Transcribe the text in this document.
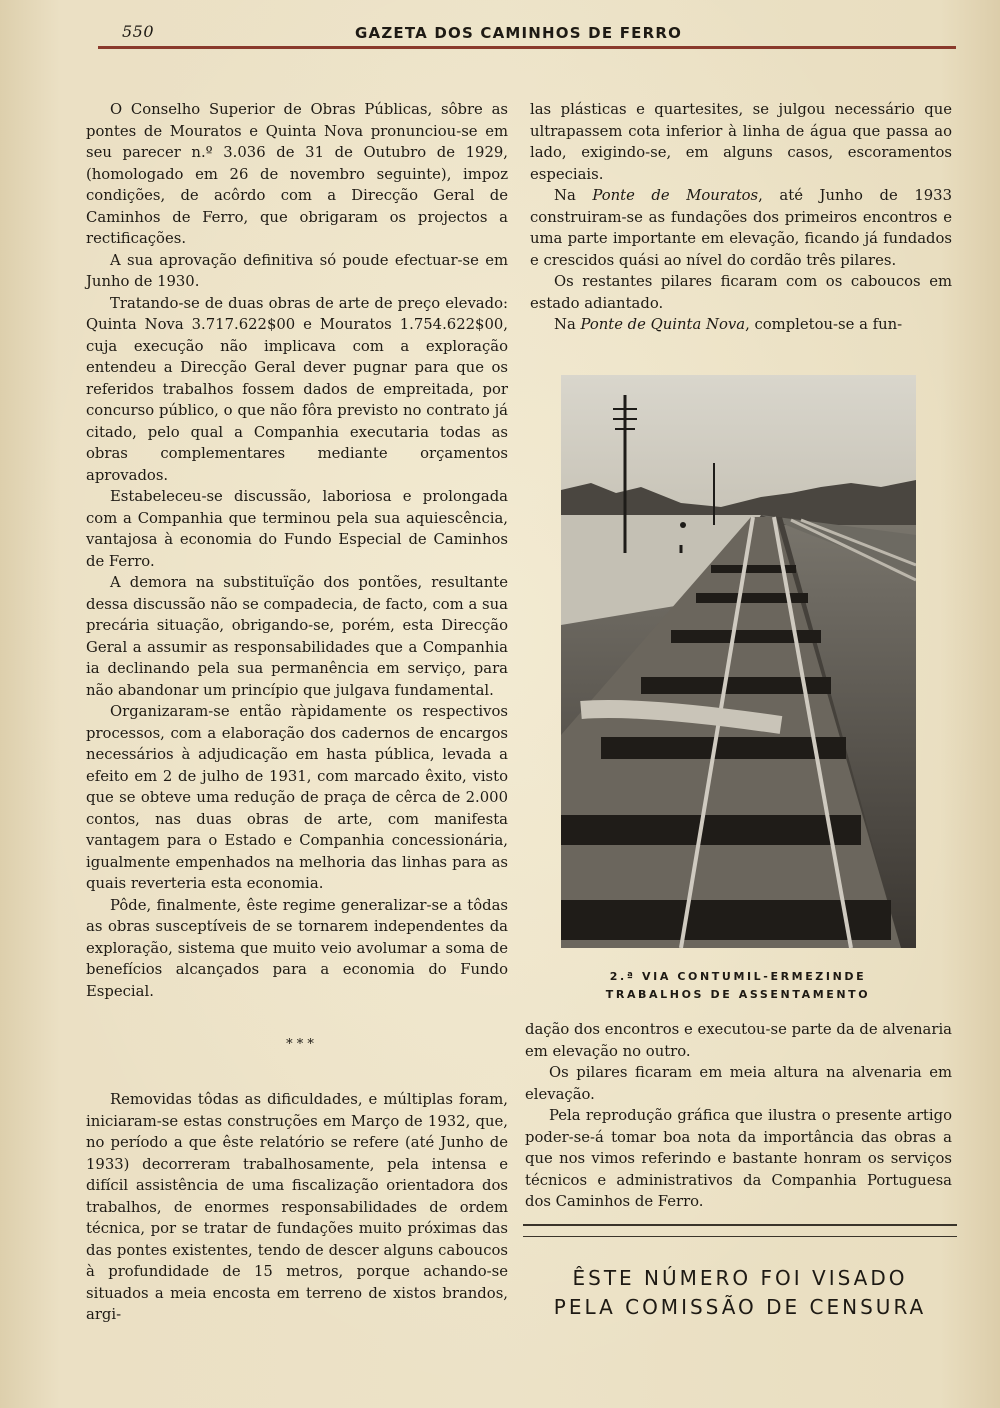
550	GAZETA DOS CAMINHOS DE FERRO

O Conselho Superior de Obras Públicas, sôbre as pontes de Mouratos e Quinta Nova pronunciou-se em seu parecer n.º 3.036 de 31 de Outubro de 1929, (homologado em 26 de novembro seguinte), impoz condições, de acôrdo com a Direcção Geral de Caminhos de Ferro, que obrigaram os projectos a rectificações.

A sua aprovação definitiva só poude efectuar-se em Junho de 1930.

Tratando-se de duas obras de arte de preço elevado: Quinta Nova 3.717.622$00 e Mouratos 1.754.622$00, cuja execução não implicava com a exploração entendeu a Direcção Geral dever pugnar para que os referidos trabalhos fossem dados de empreitada, por concurso público, o que não fôra previsto no contrato já citado, pelo qual a Companhia executaria todas as obras complementares mediante orçamentos aprovados.

Estabeleceu-se discussão, laboriosa e prolongada com a Companhia que terminou pela sua aquiescência, vantajosa à economia do Fundo Especial de Caminhos de Ferro.

A demora na substituïção dos pontões, resultante dessa discussão não se compadecia, de facto, com a sua precária situação, obrigando-se, porém, esta Direcção Geral a assumir as responsabilidades que a Companhia ia declinando pela sua permanência em serviço, para não abandonar um princípio que julgava fundamental.

Organizaram-se então ràpidamente os respectivos processos, com a elaboração dos cadernos de encargos necessários à adjudicação em hasta pública, levada a efeito em 2 de julho de 1931, com marcado êxito, visto que se obteve uma redução de praça de cêrca de 2.000 contos, nas duas obras de arte, com manifesta vantagem para o Estado e Companhia concessionária, igualmente empenhados na melhoria das linhas para as quais reverteria esta economia.

Pôde, finalmente, êste regime generalizar-se a tôdas as obras susceptíveis de se tornarem independentes da exploração, sistema que muito veio avolumar a soma de benefícios alcançados para a economia do Fundo Especial.

* * *

Removidas tôdas as dificuldades, e múltiplas foram, iniciaram-se estas construções em Março de 1932, que, no período a que êste relatório se refere (até Junho de 1933) decorreram trabalhosamente, pela intensa e difícil assistência de uma fiscalização orientadora dos trabalhos, de enormes responsabilidades de ordem técnica, por se tratar de fundações muito próximas das das pontes existentes, tendo de descer alguns caboucos à profundidade de 15 metros, porque achando-se situados a meia encosta em terreno de xistos brandos, argi-

las plásticas e quartesites, se julgou necessário que ultrapassem cota inferior à linha de água que passa ao lado, exigindo-se, em alguns casos, escoramentos especiais.

Na Ponte de Mouratos, até Junho de 1933 construiram-se as fundações dos primeiros encontros e uma parte importante em elevação, ficando já fundados e crescidos quási ao nível do cordão três pilares.

Os restantes pilares ficaram com os caboucos em estado adiantado.

Na Ponte de Quinta Nova, completou-se a fun-

2.ª VIA CONTUMIL-ERMEZINDE
TRABALHOS DE ASSENTAMENTO

dação dos encontros e executou-se parte da de alvenaria em elevação no outro.

Os pilares ficaram em meia altura na alvenaria em elevação.

Pela reprodução gráfica que ilustra o presente artigo poder-se-á tomar boa nota da importância das obras a que nos vimos referindo e bastante honram os serviços técnicos e administrativos da Companhia Portuguesa dos Caminhos de Ferro.

ÊSTE NÚMERO FOI VISADO
PELA COMISSÃO DE CENSURA
